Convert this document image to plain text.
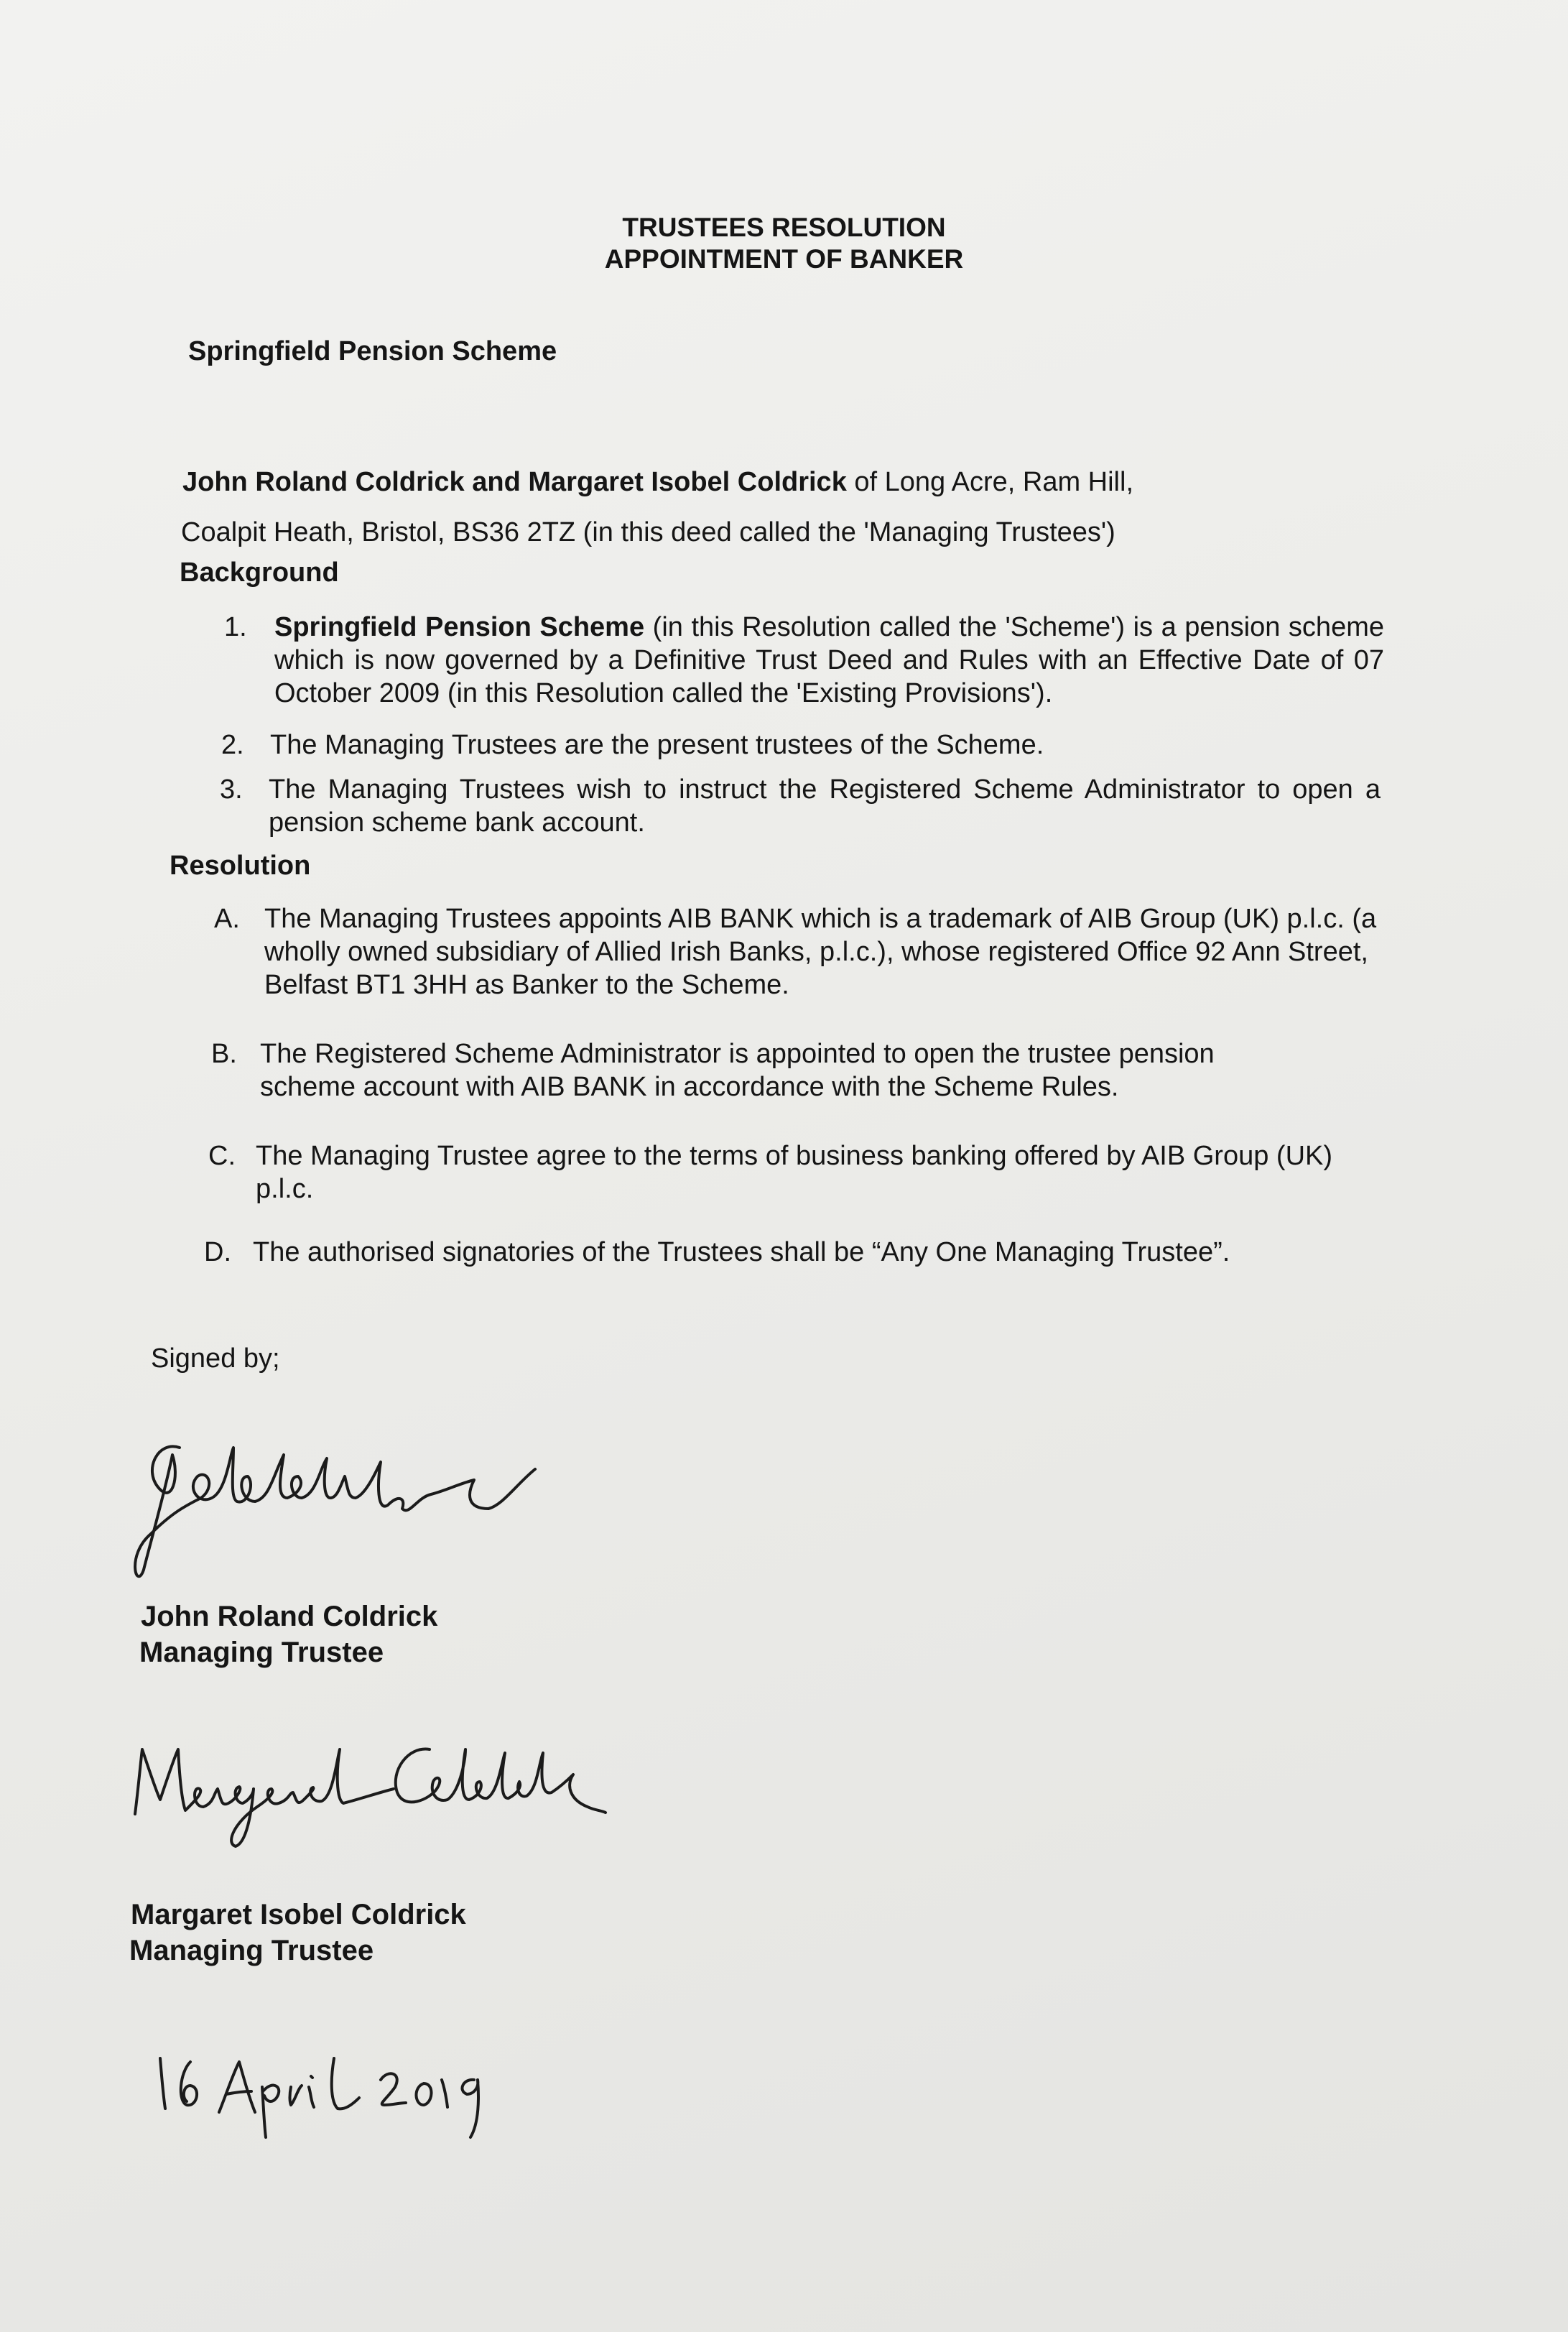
TRUSTEES RESOLUTION
APPOINTMENT OF BANKER
Springfield Pension Scheme
John Roland Coldrick and Margaret Isobel Coldrick of Long Acre, Ram Hill,
Coalpit Heath, Bristol, BS36 2TZ (in this deed called the 'Managing Trustees')
Background
1. Springfield Pension Scheme (in this Resolution called the 'Scheme') is a pension scheme which is now governed by a Definitive Trust Deed and Rules with an Effective Date of 07 October 2009 (in this Resolution called the 'Existing Provisions').
2. The Managing Trustees are the present trustees of the Scheme.
3. The Managing Trustees wish to instruct the Registered Scheme Administrator to open a pension scheme bank account.
Resolution
A. The Managing Trustees appoints AIB BANK which is a trademark of AIB Group (UK) p.l.c. (a wholly owned subsidiary of Allied Irish Banks, p.l.c.), whose registered Office 92 Ann Street, Belfast BT1 3HH as Banker to the Scheme.
B. The Registered Scheme Administrator is appointed to open the trustee pension scheme account with AIB BANK in accordance with the Scheme Rules.
C. The Managing Trustee agree to the terms of business banking offered by AIB Group (UK) p.l.c.
D. The authorised signatories of the Trustees shall be “Any One Managing Trustee”.
Signed by;
John Roland Coldrick
Managing Trustee
Margaret Isobel Coldrick
Managing Trustee
